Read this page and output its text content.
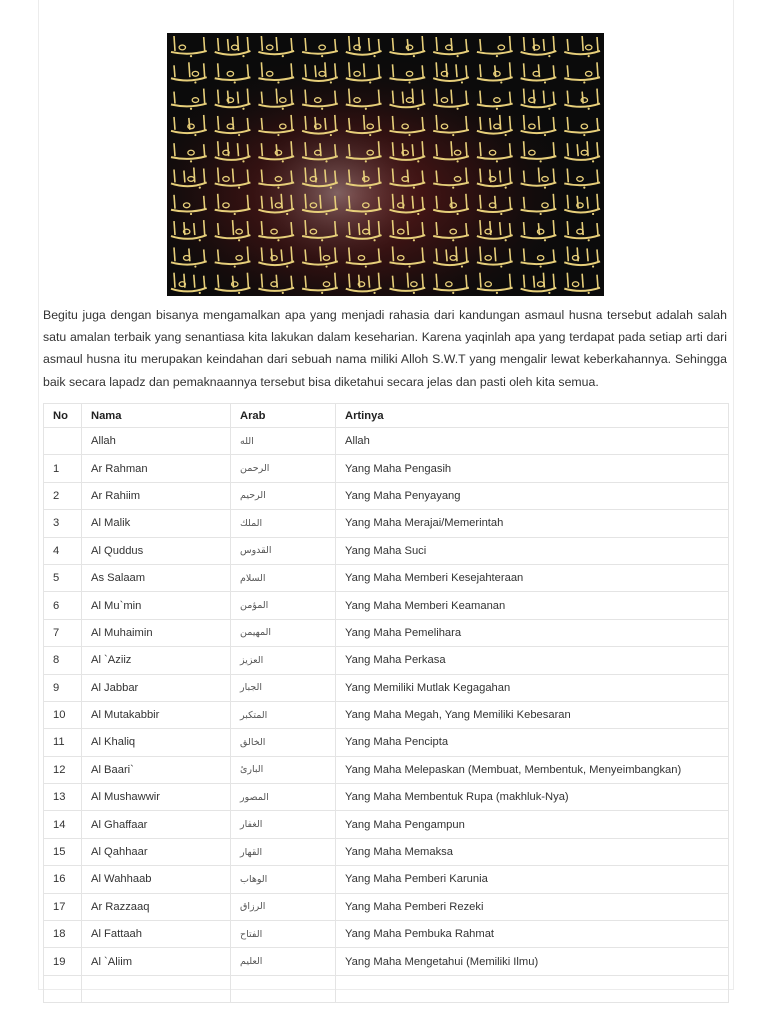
Begitu juga dengan bisanya mengamalkan apa yang menjadi rahasia dari kandungan asmaul husna tersebut adalah salah satu amalan terbaik yang senantiasa kita lakukan dalam keseharian. Karena yaqinlah apa yang terdapat pada setiap arti dari asmaul husna itu merupakan keindahan dari sebuah nama miliki Alloh S.W.T yang mengalir lewat keberkahannya. Sehingga baik secara lapadz dan pemaknaannya tersebut bisa diketahui secara jelas dan pasti oleh kita semua.

No	Nama	Arab	Artinya
	Allah	الله	Allah
1	Ar Rahman	الرحمن	Yang Maha Pengasih
2	Ar Rahiim	الرحيم	Yang Maha Penyayang
3	Al Malik	الملك	Yang Maha Merajai/Memerintah
4	Al Quddus	القدوس	Yang Maha Suci
5	As Salaam	السلام	Yang Maha Memberi Kesejahteraan
6	Al Mu`min	المؤمن	Yang Maha Memberi Keamanan
7	Al Muhaimin	المهيمن	Yang Maha Pemelihara
8	Al `Aziiz	العزيز	Yang Maha Perkasa
9	Al Jabbar	الجبار	Yang Memiliki Mutlak Kegagahan
10	Al Mutakabbir	المتكبر	Yang Maha Megah, Yang Memiliki Kebesaran
11	Al Khaliq	الخالق	Yang Maha Pencipta
12	Al Baari`	البارئ	Yang Maha Melepaskan (Membuat, Membentuk, Menyeimbangkan)
13	Al Mushawwir	المصور	Yang Maha Membentuk Rupa (makhluk-Nya)
14	Al Ghaffaar	الغفار	Yang Maha Pengampun
15	Al Qahhaar	القهار	Yang Maha Memaksa
16	Al Wahhaab	الوهاب	Yang Maha Pemberi Karunia
17	Ar Razzaaq	الرزاق	Yang Maha Pemberi Rezeki
18	Al Fattaah	الفتاح	Yang Maha Pembuka Rahmat
19	Al `Aliim	العليم	Yang Maha Mengetahui (Memiliki Ilmu)
